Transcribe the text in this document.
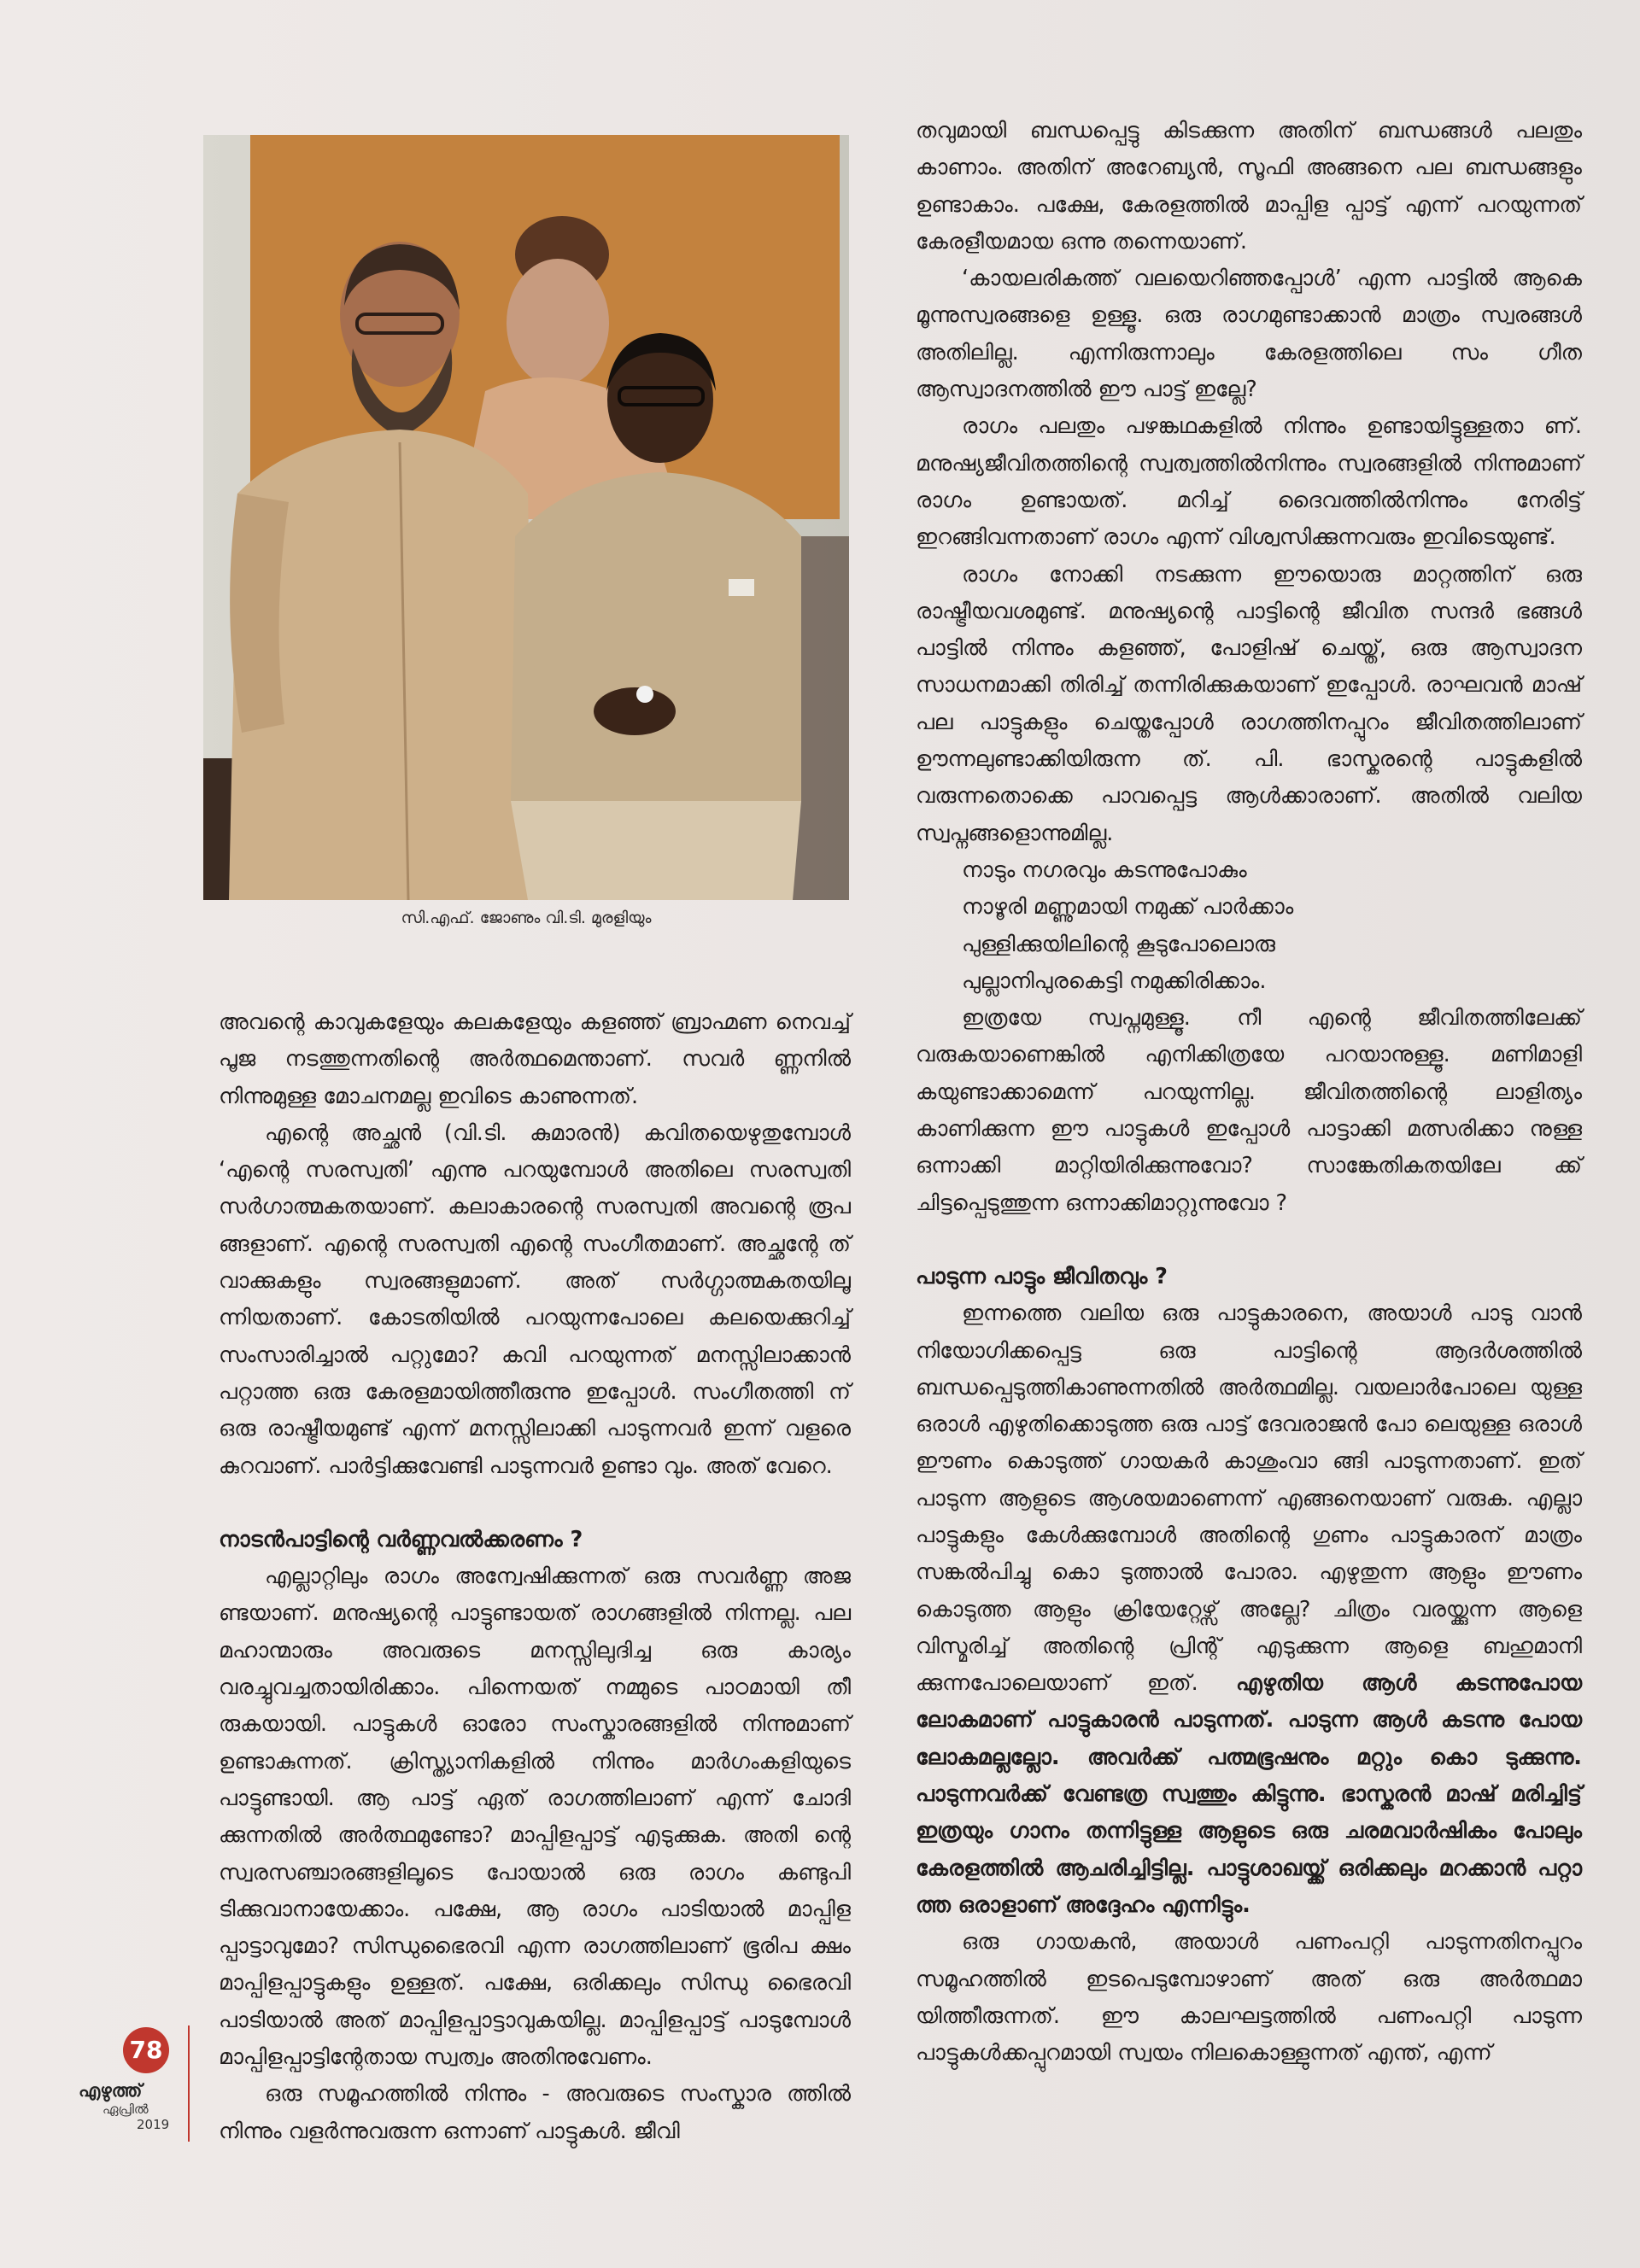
സി.എഫ്. ജോണും വി.ടി. മുരളിയും

അവന്റെ കാവുകളേയും കലകളേയും കളഞ്ഞ് ബ്രാഹ്മണ നെവച്ച് പൂജ നടത്തുന്നതിന്റെ അർത്ഥമെന്താണ്. സവർ ണ്ണനിൽ നിന്നുമുള്ള മോചനമല്ല ഇവിടെ കാണുന്നത്.

എന്റെ അച്ഛൻ (വി.ടി. കുമാരൻ) കവിതയെഴുതുമ്പോൾ ‘എന്റെ സരസ്വതി’ എന്നു പറയുമ്പോൾ അതിലെ സരസ്വതി സർഗാത്മകതയാണ്. കലാകാരന്റെ സരസ്വതി അവന്റെ രൂപ ങ്ങളാണ്. എന്റെ സരസ്വതി എന്റെ സംഗീതമാണ്. അച്ഛന്റേ ത് വാക്കുകളും സ്വരങ്ങളുമാണ്. അത് സർഗ്ഗാത്മകതയിലൂ ന്നിയതാണ്. കോടതിയിൽ പറയുന്നപോലെ കലയെക്കുറിച്ച് സംസാരിച്ചാൽ പറ്റുമോ? കവി പറയുന്നത് മനസ്സിലാക്കാൻ പറ്റാത്ത ഒരു കേരളമായിത്തീരുന്നു ഇപ്പോൾ. സംഗീതത്തി ന് ഒരു രാഷ്ട്രീയമുണ്ട് എന്ന് മനസ്സിലാക്കി പാടുന്നവർ ഇന്ന് വളരെ കുറവാണ്. പാർട്ടിക്കുവേണ്ടി പാടുന്നവർ ഉണ്ടാ വും. അത് വേറെ.

നാടൻപാട്ടിന്റെ വർണ്ണവൽക്കരണം ?

എല്ലാറ്റിലും രാഗം അന്വേഷിക്കുന്നത് ഒരു സവർണ്ണ അജ ണ്ടയാണ്. മനുഷ്യന്റെ പാട്ടുണ്ടായത് രാഗങ്ങളിൽ നിന്നല്ല. പല മഹാന്മാരും അവരുടെ മനസ്സിലുദിച്ച ഒരു കാര്യം വരച്ചുവച്ചതായിരിക്കാം. പിന്നെയത് നമ്മുടെ പാഠമായി തീ രുകയായി. പാട്ടുകൾ ഓരോ സംസ്കാരങ്ങളിൽ നിന്നുമാണ് ഉണ്ടാകുന്നത്. ക്രിസ്ത്യാനികളിൽ നിന്നും മാർഗംകളിയുടെ പാട്ടുണ്ടായി. ആ പാട്ട് ഏത് രാഗത്തിലാണ് എന്ന് ചോദി ക്കുന്നതിൽ അർത്ഥമുണ്ടോ? മാപ്പിളപ്പാട്ട് എടുക്കുക. അതി ന്റെ സ്വരസഞ്ചാരങ്ങളിലൂടെ പോയാൽ ഒരു രാഗം കണ്ടുപി ടിക്കുവാനായേക്കാം. പക്ഷേ, ആ രാഗം പാടിയാൽ മാപ്പിള പ്പാട്ടാവുമോ? സിന്ധുഭൈരവി എന്ന രാഗത്തിലാണ് ഭൂരിപ ക്ഷം മാപ്പിളപ്പാട്ടുകളും ഉള്ളത്. പക്ഷേ, ഒരിക്കലും സിന്ധു ഭൈരവി പാടിയാൽ അത് മാപ്പിളപ്പാട്ടാവുകയില്ല. മാപ്പിളപ്പാട്ട് പാടുമ്പോൾ മാപ്പിളപ്പാട്ടിന്റേതായ സ്വത്വം അതിനുവേണം.

ഒരു സമൂഹത്തിൽ നിന്നും - അവരുടെ സംസ്കാര ത്തിൽ നിന്നും വളർന്നുവരുന്ന ഒന്നാണ് പാട്ടുകൾ. ജീവി

തവുമായി ബന്ധപ്പെട്ടു കിടക്കുന്ന അതിന് ബന്ധങ്ങൾ പലതും കാണാം. അതിന് അറേബ്യൻ, സൂഫി അങ്ങനെ പല ബന്ധങ്ങളും ഉണ്ടാകാം. പക്ഷേ, കേരളത്തിൽ മാപ്പിള പ്പാട്ട് എന്ന് പറയുന്നത് കേരളീയമായ ഒന്നു തന്നെയാണ്.

‘കായലരികത്ത് വലയെറിഞ്ഞപ്പോൾ’ എന്ന പാട്ടിൽ ആകെ മൂന്നുസ്വരങ്ങളെ ഉള്ളൂ. ഒരു രാഗമുണ്ടാക്കാൻ മാത്രം സ്വരങ്ങൾ അതിലില്ല. എന്നിരുന്നാലും കേരളത്തിലെ സം ഗീത ആസ്വാദനത്തിൽ ഈ പാട്ട് ഇല്ലേ?

രാഗം പലതും പഴങ്കഥകളിൽ നിന്നും ഉണ്ടായിട്ടുള്ളതാ ണ്. മനുഷ്യജീവിതത്തിന്റെ സ്വത്വത്തിൽനിന്നും സ്വരങ്ങളിൽ നിന്നുമാണ് രാഗം ഉണ്ടായത്. മറിച്ച് ദൈവത്തിൽനിന്നും നേരിട്ട് ഇറങ്ങിവന്നതാണ് രാഗം എന്ന് വിശ്വസിക്കുന്നവരും ഇവിടെയുണ്ട്.

രാഗം നോക്കി നടക്കുന്ന ഈയൊരു മാറ്റത്തിന് ഒരു രാഷ്ട്രീയവശമുണ്ട്. മനുഷ്യന്റെ പാട്ടിന്റെ ജീവിത സന്ദർ ഭങ്ങൾ പാട്ടിൽ നിന്നും കളഞ്ഞ്, പോളിഷ് ചെയ്ത്, ഒരു ആസ്വാദന സാധനമാക്കി തിരിച്ച് തന്നിരിക്കുകയാണ് ഇപ്പോൾ. രാഘവൻ മാഷ് പല പാട്ടുകളും ചെയ്തപ്പോൾ രാഗത്തിനപ്പുറം ജീവിതത്തിലാണ് ഊന്നലുണ്ടാക്കിയിരുന്ന ത്. പി. ഭാസ്കരന്റെ പാട്ടുകളിൽ വരുന്നതൊക്കെ പാവപ്പെട്ട ആൾക്കാരാണ്. അതിൽ വലിയ സ്വപ്നങ്ങളൊന്നുമില്ല.

നാടും നഗരവും കടന്നുപോകും

നാഴൂരി മണ്ണുമായി നമുക്ക് പാർക്കാം

പുള്ളിക്കുയിലിന്റെ കൂടുപോലൊരു

പുല്ലാനിപുരകെട്ടി നമുക്കിരിക്കാം.

ഇത്രയേ സ്വപ്നമുള്ളൂ. നീ എന്റെ ജീവിതത്തിലേക്ക് വരുകയാണെങ്കിൽ എനിക്കിത്രയേ പറയാനുള്ളൂ. മണിമാളി കയുണ്ടാക്കാമെന്ന് പറയുന്നില്ല. ജീവിതത്തിന്റെ ലാളിത്യം കാണിക്കുന്ന ഈ പാട്ടുകൾ ഇപ്പോൾ പാട്ടാക്കി മത്സരിക്കാ നുള്ള ഒന്നാക്കി മാറ്റിയിരിക്കുന്നുവോ? സാങ്കേതികതയിലേ ക്ക് ചിട്ടപ്പെടുത്തുന്ന ഒന്നാക്കിമാറ്റുന്നുവോ ?

പാടുന്ന പാട്ടും ജീവിതവും ?

ഇന്നത്തെ വലിയ ഒരു പാട്ടുകാരനെ, അയാൾ പാടു വാൻ നിയോഗിക്കപ്പെട്ട ഒരു പാട്ടിന്റെ ആദർശത്തിൽ ബന്ധപ്പെടുത്തികാണുന്നതിൽ അർത്ഥമില്ല. വയലാർപോലെ യുള്ള ഒരാൾ എഴുതിക്കൊടുത്ത ഒരു പാട്ട് ദേവരാജൻ പോ ലെയുള്ള ഒരാൾ ഈണം കൊടുത്ത് ഗായകർ കാശുംവാ ങ്ങി പാടുന്നതാണ്. ഇത് പാടുന്ന ആളുടെ ആശയമാണെന്ന് എങ്ങനെയാണ് വരുക. എല്ലാ പാട്ടുകളും കേൾക്കുമ്പോൾ അതിന്റെ ഗുണം പാട്ടുകാരന് മാത്രം സങ്കൽപിച്ചു കൊ ടുത്താൽ പോരാ. എഴുതുന്ന ആളും ഈണം കൊടുത്ത ആളും ക്രിയേറ്റേഴ്സ് അല്ലേ? ചിത്രം വരയ്ക്കുന്ന ആളെ വിസ്മരിച്ച് അതിന്റെ പ്രിന്റ് എടുക്കുന്ന ആളെ ബഹുമാനി ക്കുന്നപോലെയാണ് ഇത്. എഴുതിയ ആൾ കടന്നുപോയ ലോകമാണ് പാട്ടുകാരൻ പാടുന്നത്. പാടുന്ന ആൾ കടന്നു പോയ ലോകമല്ലല്ലോ. അവർക്ക് പത്മഭൂഷനും മറ്റും കൊ ടുക്കുന്നു. പാടുന്നവർക്ക് വേണ്ടത്ര സ്വത്തും കിട്ടുന്നു. ഭാസ്കരൻ മാഷ് മരിച്ചിട്ട് ഇത്രയും ഗാനം തന്നിട്ടുള്ള ആളുടെ ഒരു ചരമവാർഷികം പോലും കേരളത്തിൽ ആചരിച്ചിട്ടില്ല. പാട്ടുശാഖയ്ക്ക് ഒരിക്കലും മറക്കാൻ പറ്റാ ത്ത ഒരാളാണ് അദ്ദേഹം എന്നിട്ടും.

ഒരു ഗായകൻ, അയാൾ പണംപറ്റി പാടുന്നതിനപ്പുറം സമൂഹത്തിൽ ഇടപെടുമ്പോഴാണ് അത് ഒരു അർത്ഥമാ യിത്തീരുന്നത്. ഈ കാലഘട്ടത്തിൽ പണംപറ്റി പാടുന്ന പാട്ടുകൾക്കപ്പുറമായി സ്വയം നിലകൊള്ളുന്നത് എന്ത്, എന്ന്

78
എഴുത്ത്
ഏപ്രിൽ
2019
